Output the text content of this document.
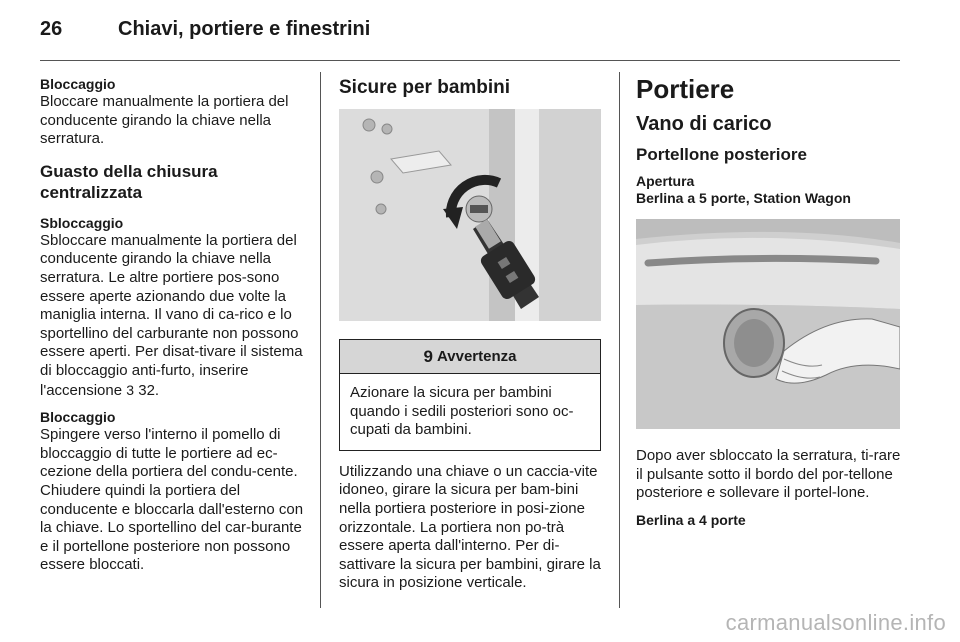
26	Chiavi, portiere e finestrini
Bloccaggio
Bloccare manualmente la portiera del conducente girando la chiave nella serratura.
Guasto della chiusura centralizzata
Sbloccaggio
Sbloccare manualmente la portiera del conducente girando la chiave nella serratura. Le altre portiere pos-sono essere aperte azionando due volte la maniglia interna. Il vano di ca-rico e lo sportellino del carburante non possono essere aperti. Per disat-tivare il sistema di bloccaggio anti-furto, inserire l'accensione 3 32.
Bloccaggio
Spingere verso l'interno il pomello di bloccaggio di tutte le portiere ad ec-cezione della portiera del condu-cente. Chiudere quindi la portiera del conducente e bloccarla dall'esterno con la chiave. Lo sportellino del car-burante e il portellone posteriore non possono essere bloccati.
Sicure per bambini
9 Avvertenza
Azionare la sicura per bambini quando i sedili posteriori sono oc-cupati da bambini.
Utilizzando una chiave o un caccia-vite idoneo, girare la sicura per bam-bini nella portiera posteriore in posi-zione orizzontale. La portiera non po-trà essere aperta dall'interno. Per di-sattivare la sicura per bambini, girare la sicura in posizione verticale.
Portiere
Vano di carico
Portellone posteriore
Apertura
Berlina a 5 porte, Station Wagon
Dopo aver sbloccato la serratura, ti-rare il pulsante sotto il bordo del por-tellone posteriore e sollevare il portel-lone.
Berlina a 4 porte
carmanualsonline.info
